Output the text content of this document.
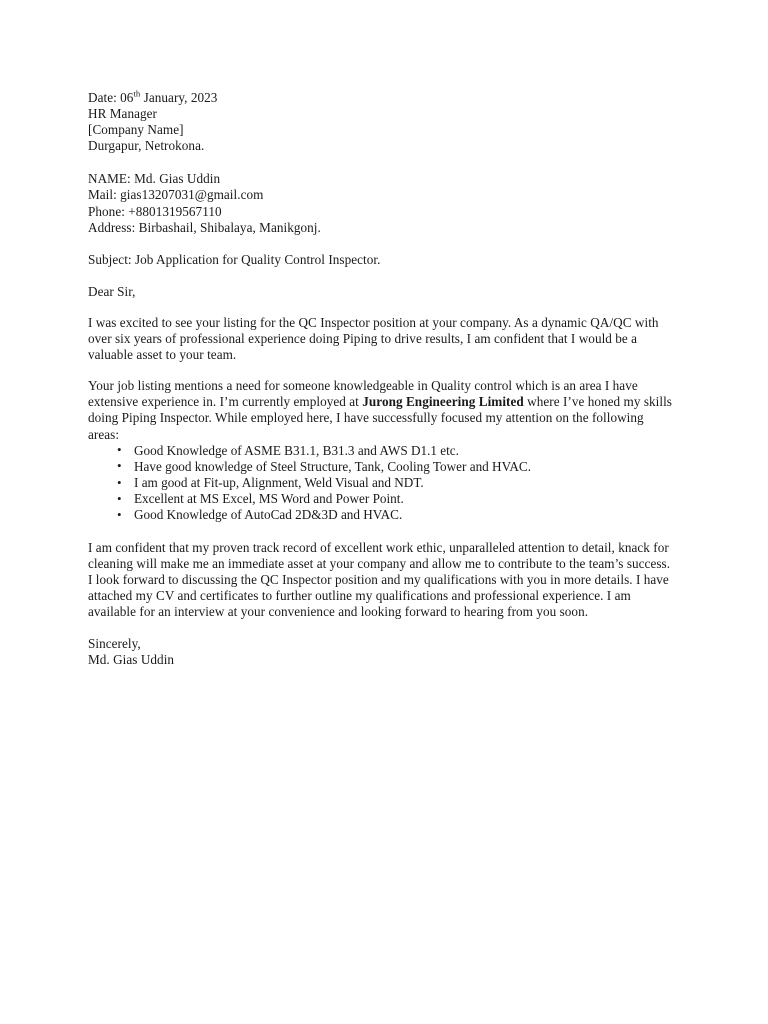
Date: 06th January, 2023
HR Manager
[Company Name]
Durgapur, Netrokona.
NAME: Md. Gias Uddin
Mail: gias13207031@gmail.com
Phone: +8801319567110
Address: Birbashail, Shibalaya, Manikgonj.
Subject: Job Application for Quality Control Inspector.
Dear Sir,

I was excited to see your listing for the QC Inspector position at your company. As a dynamic QA/QC with over six years of professional experience doing Piping to drive results, I am confident that I would be a valuable asset to your team.

Your job listing mentions a need for someone knowledgeable in Quality control which is an area I have extensive experience in. I’m currently employed at Jurong Engineering Limited where I’ve honed my skills doing Piping Inspector. While employed here, I have successfully focused my attention on the following areas:

• Good Knowledge of ASME B31.1, B31.3 and AWS D1.1 etc.
• Have good knowledge of Steel Structure, Tank, Cooling Tower and HVAC.
• I am good at Fit-up, Alignment, Weld Visual and NDT.
• Excellent at MS Excel, MS Word and Power Point.
• Good Knowledge of AutoCad 2D&3D and HVAC.

I am confident that my proven track record of excellent work ethic, unparalleled attention to detail, knack for cleaning will make me an immediate asset at your company and allow me to contribute to the team’s success.

I look forward to discussing the QC Inspector position and my qualifications with you in more details. I have attached my CV and certificates to further outline my qualifications and professional experience. I am available for an interview at your convenience and looking forward to hearing from you soon.

Sincerely,
Md. Gias Uddin
